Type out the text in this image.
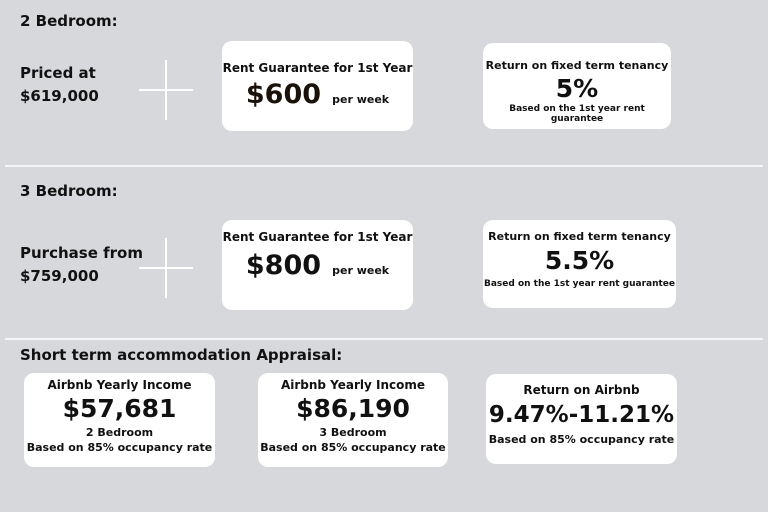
2 Bedroom:
Priced at
$619,000
Rent Guarantee for 1st Year
$600 per week
Return on fixed term tenancy
5%
Based on the 1st year rent guarantee
3 Bedroom:
Purchase from
$759,000
Rent Guarantee for 1st Year
$800 per week
Return on fixed term tenancy
5.5%
Based on the 1st year rent guarantee
Short term accommodation Appraisal:
Airbnb Yearly Income
$57,681
2 Bedroom
Based on 85% occupancy rate
Airbnb Yearly Income
$86,190
3 Bedroom
Based on 85% occupancy rate
Return on Airbnb
9.47%-11.21%
Based on 85% occupancy rate
